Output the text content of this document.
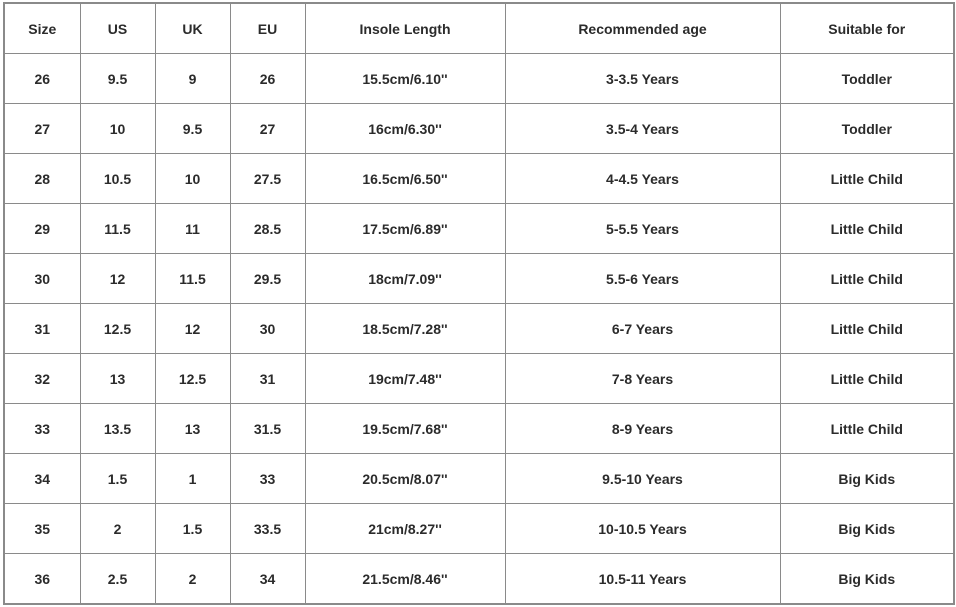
Size	US	UK	EU	Insole Length	Recommended age	Suitable for
26	9.5	9	26	15.5cm/6.10''	3-3.5 Years	Toddler
27	10	9.5	27	16cm/6.30''	3.5-4 Years	Toddler
28	10.5	10	27.5	16.5cm/6.50''	4-4.5 Years	Little Child
29	11.5	11	28.5	17.5cm/6.89''	5-5.5 Years	Little Child
30	12	11.5	29.5	18cm/7.09''	5.5-6 Years	Little Child
31	12.5	12	30	18.5cm/7.28''	6-7 Years	Little Child
32	13	12.5	31	19cm/7.48''	7-8 Years	Little Child
33	13.5	13	31.5	19.5cm/7.68''	8-9 Years	Little Child
34	1.5	1	33	20.5cm/8.07''	9.5-10 Years	Big Kids
35	2	1.5	33.5	21cm/8.27''	10-10.5 Years	Big Kids
36	2.5	2	34	21.5cm/8.46''	10.5-11 Years	Big Kids
